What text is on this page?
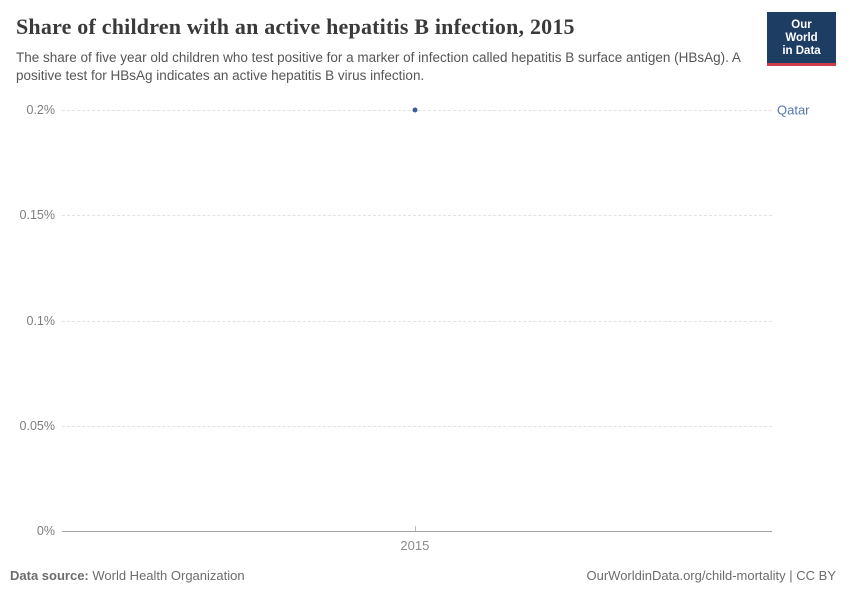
Share of children with an active hepatitis B infection, 2015
The share of five year old children who test positive for a marker of infection called hepatitis B surface antigen (HBsAg). A positive test for HBsAg indicates an active hepatitis B virus infection.
Our World
in Data
0%
0.05%
0.1%
0.15%
0.2%
2015
Qatar
Data source: World Health Organization	OurWorldinData.org/child-mortality | CC BY
